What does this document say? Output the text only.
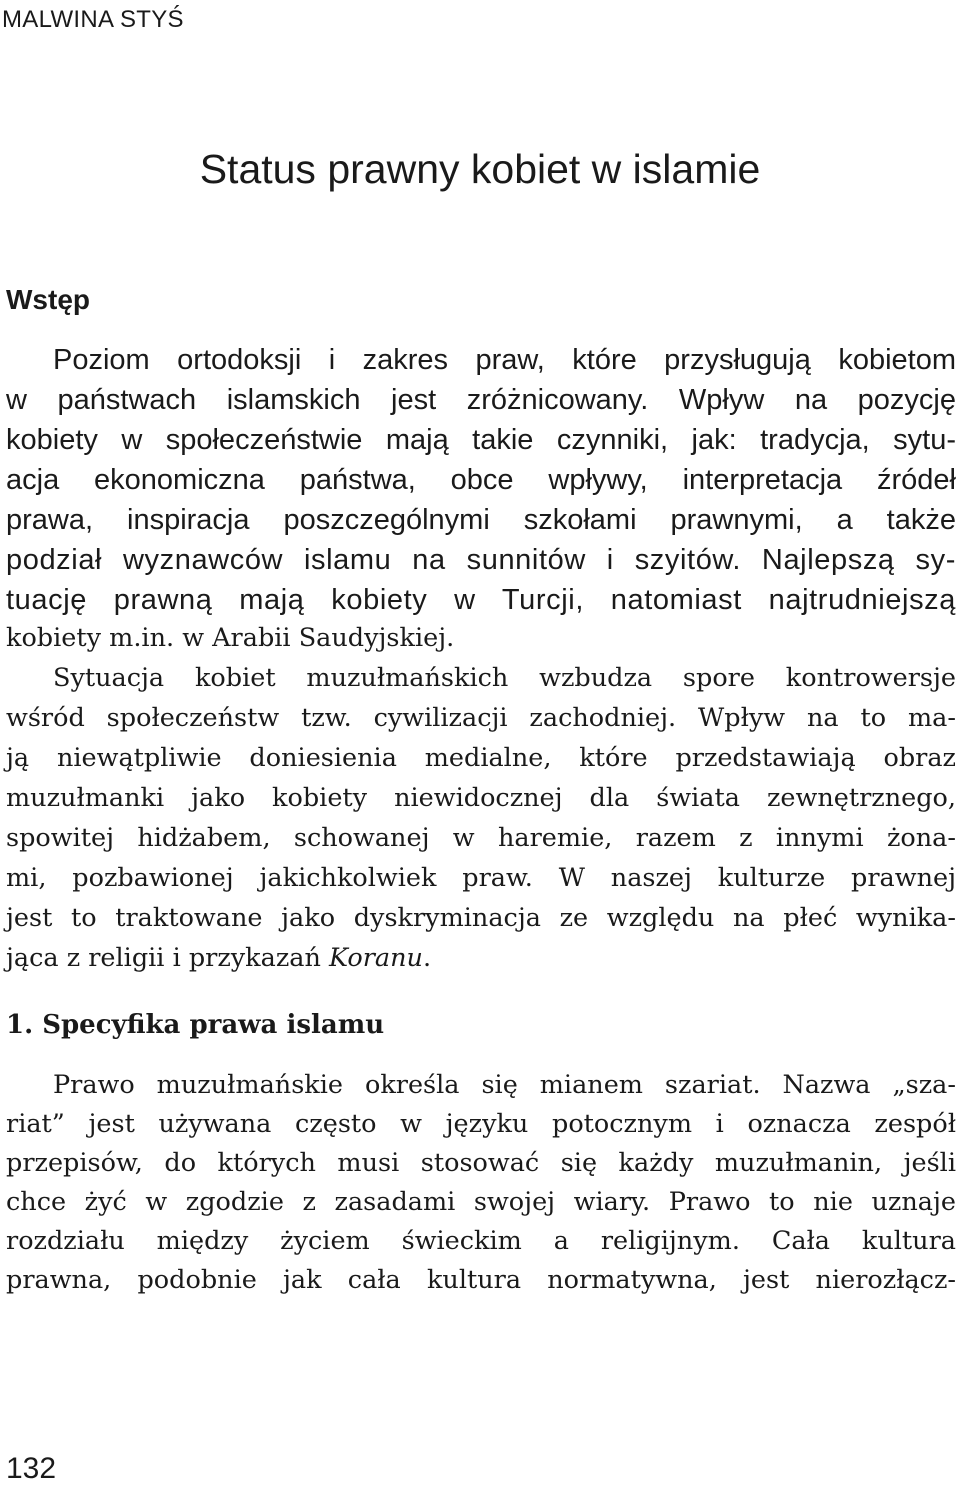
MALWINA STYŚ
Status prawny kobiet w islamie
Wstęp
Poziom ortodoksji i zakres praw, które przysługują kobietom
w państwach islamskich jest zróżnicowany. Wpływ na pozycję
kobiety w społeczeństwie mają takie czynniki, jak: tradycja, sytu-
acja ekonomiczna państwa, obce wpływy, interpretacja źródeł
prawa, inspiracja poszczególnymi szkołami prawnymi, a także
podział wyznawców islamu na sunnitów i szyitów. Najlepszą sy-
tuację prawną mają kobiety w Turcji, natomiast najtrudniejszą
kobiety m.in. w Arabii Saudyjskiej.
Sytuacja kobiet muzułmańskich wzbudza spore kontrowersje
wśród społeczeństw tzw. cywilizacji zachodniej. Wpływ na to ma-
ją niewątpliwie doniesienia medialne, które przedstawiają obraz
muzułmanki jako kobiety niewidocznej dla świata zewnętrznego,
spowitej hidżabem, schowanej w haremie, razem z innymi żona-
mi, pozbawionej jakichkolwiek praw. W naszej kulturze prawnej
jest to traktowane jako dyskryminacja ze względu na płeć wynika-
jąca z religii i przykazań Koranu.
1. Specyfika prawa islamu
Prawo muzułmańskie określa się mianem szariat. Nazwa „sza-
riat” jest używana często w języku potocznym i oznacza zespół
przepisów, do których musi stosować się każdy muzułmanin, jeśli
chce żyć w zgodzie z zasadami swojej wiary. Prawo to nie uznaje
rozdziału między życiem świeckim a religijnym. Cała kultura
prawna, podobnie jak cała kultura normatywna, jest nierozłącz-
132
